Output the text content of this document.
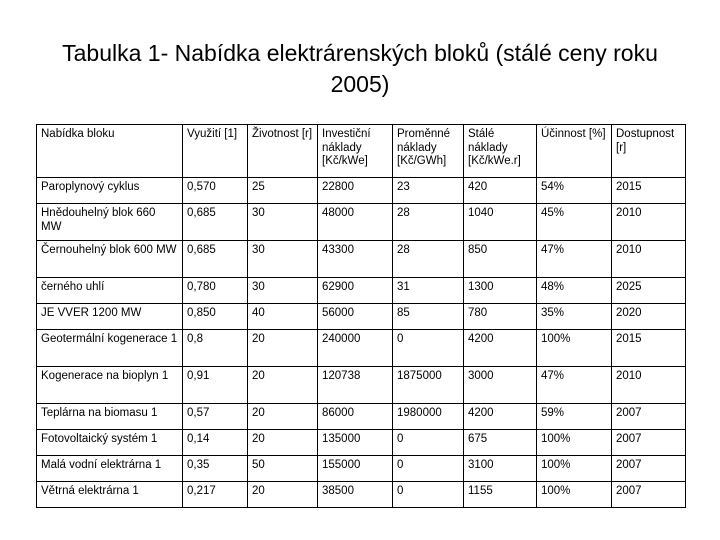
Tabulka 1- Nabídka elektrárenských bloků (stálé ceny roku 2005)
Nabídka bloku	Využití [1]	Životnost [r]	Investiční náklady [Kč/kWe]	Proměnné náklady [Kč/GWh]	Stálé náklady [Kč/kWe.r]	Účinnost [%]	Dostupnost [r]
Paroplynový cyklus	0,570	25	22800	23	420	54%	2015
Hnědouhelný blok 660 MW	0,685	30	48000	28	1040	45%	2010
Černouhelný blok 600 MW	0,685	30	43300	28	850	47%	2010
černého uhlí	0,780	30	62900	31	1300	48%	2025
JE VVER 1200 MW	0,850	40	56000	85	780	35%	2020
Geotermální kogenerace 1	0,8	20	240000	0	4200	100%	2015
Kogenerace na bioplyn 1	0,91	20	120738	1875000	3000	47%	2010
Teplárna na biomasu 1	0,57	20	86000	1980000	4200	59%	2007
Fotovoltaický systém 1	0,14	20	135000	0	675	100%	2007
Malá vodní elektrárna 1	0,35	50	155000	0	3100	100%	2007
Větrná elektrárna 1	0,217	20	38500	0	1155	100%	2007
